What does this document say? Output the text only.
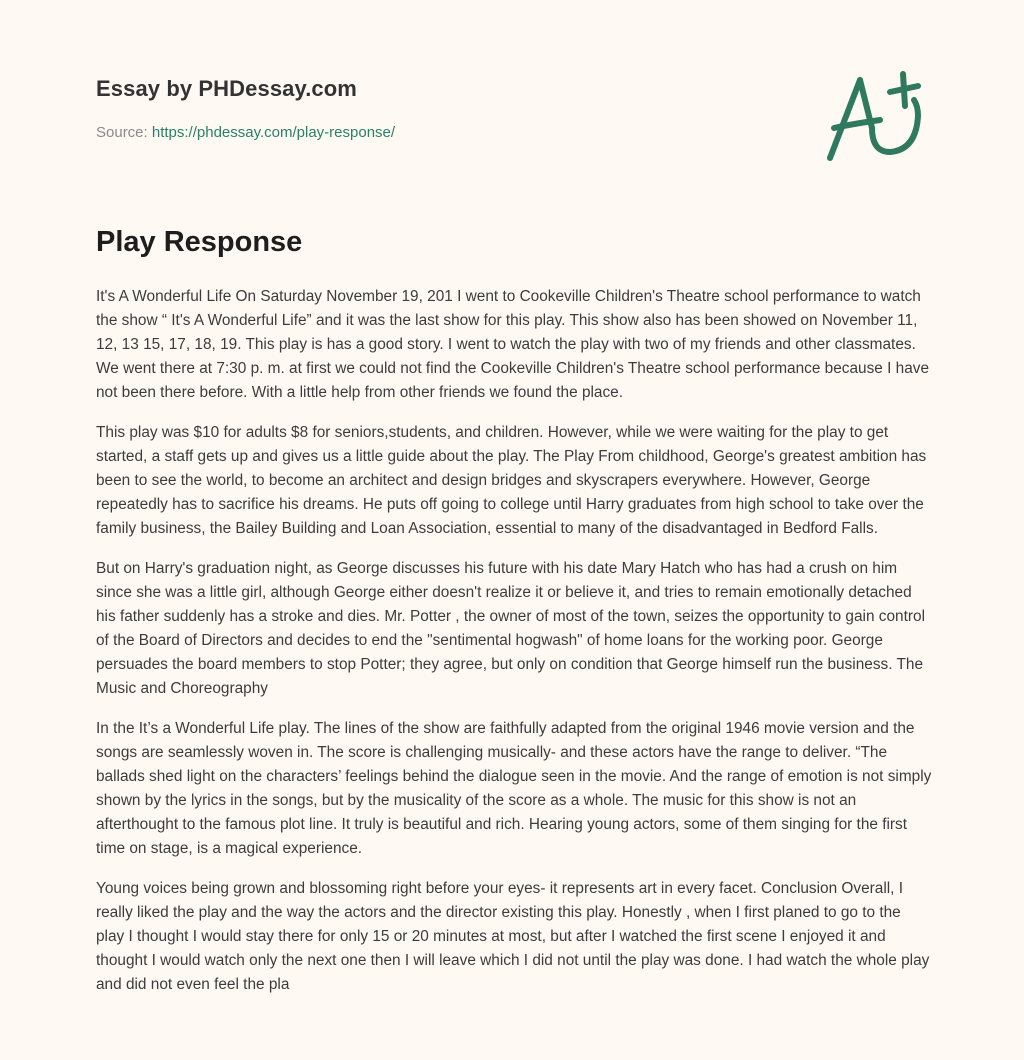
Essay by PHDessay.com
Source: https://phdessay.com/play-response/
Play Response

It's A Wonderful Life On Saturday November 19, 201 I went to Cookeville Children's Theatre school performance to watch the show “ It's A Wonderful Life” and it was the last show for this play. This show also has been showed on November 11, 12, 13 15, 17, 18, 19. This play is has a good story. I went to watch the play with two of my friends and other classmates. We went there at 7:30 p. m. at first we could not find the Cookeville Children's Theatre school performance because I have not been there before. With a little help from other friends we found the place.

This play was $10 for adults $8 for seniors,students, and children. However, while we were waiting for the play to get started, a staff gets up and gives us a little guide about the play. The Play From childhood, George's greatest ambition has been to see the world, to become an architect and design bridges and skyscrapers everywhere. However, George repeatedly has to sacrifice his dreams. He puts off going to college until Harry graduates from high school to take over the family business, the Bailey Building and Loan Association, essential to many of the disadvantaged in Bedford Falls.

But on Harry's graduation night, as George discusses his future with his date Mary Hatch who has had a crush on him since she was a little girl, although George either doesn't realize it or believe it, and tries to remain emotionally detached his father suddenly has a stroke and dies. Mr. Potter , the owner of most of the town, seizes the opportunity to gain control of the Board of Directors and decides to end the "sentimental hogwash" of home loans for the working poor. George persuades the board members to stop Potter; they agree, but only on condition that George himself run the business. The Music and Choreography

In the It’s a Wonderful Life play. The lines of the show are faithfully adapted from the original 1946 movie version and the songs are seamlessly woven in. The score is challenging musically- and these actors have the range to deliver. “The ballads shed light on the characters’ feelings behind the dialogue seen in the movie. And the range of emotion is not simply shown by the lyrics in the songs, but by the musicality of the score as a whole. The music for this show is not an afterthought to the famous plot line. It truly is beautiful and rich. Hearing young actors, some of them singing for the first time on stage, is a magical experience.

Young voices being grown and blossoming right before your eyes- it represents art in every facet. Conclusion Overall, I really liked the play and the way the actors and the director existing this play. Honestly , when I first planed to go to the play I thought I would stay there for only 15 or 20 minutes at most, but after I watched the first scene I enjoyed it and thought I would watch only the next one then I will leave which I did not until the play was done. I had watch the whole play and did not even feel the pla
